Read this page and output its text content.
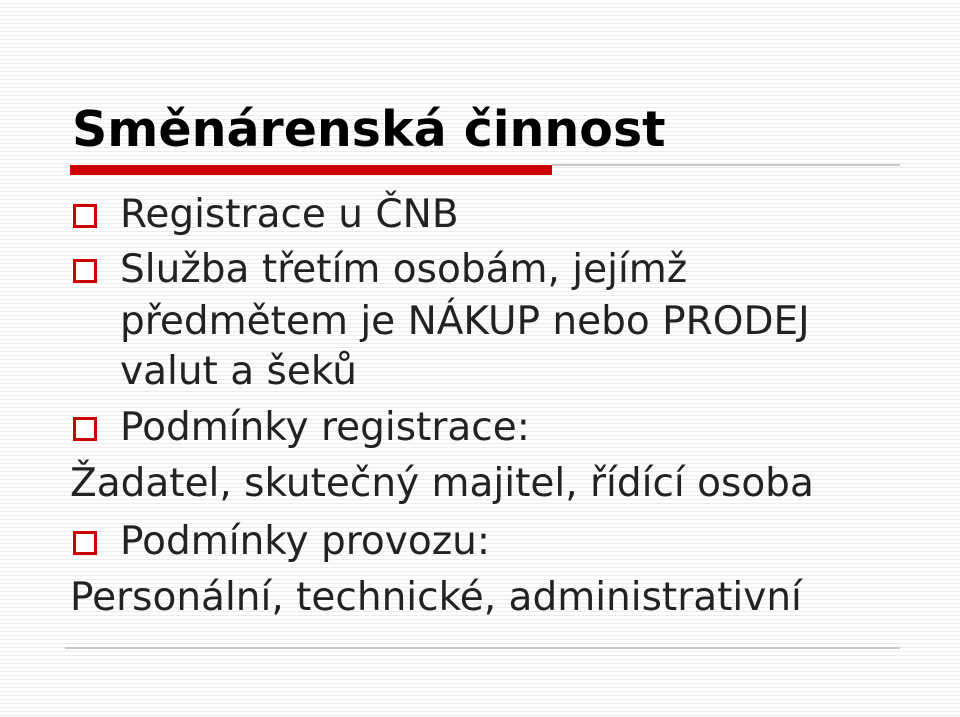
Směnárenská činnost
Registrace u ČNB
Služba třetím osobám, jejímž
předmětem je NÁKUP nebo PRODEJ
valut a šeků
Podmínky registrace:
Žadatel, skutečný majitel, řídící osoba
Podmínky provozu:
Personální, technické, administrativní
